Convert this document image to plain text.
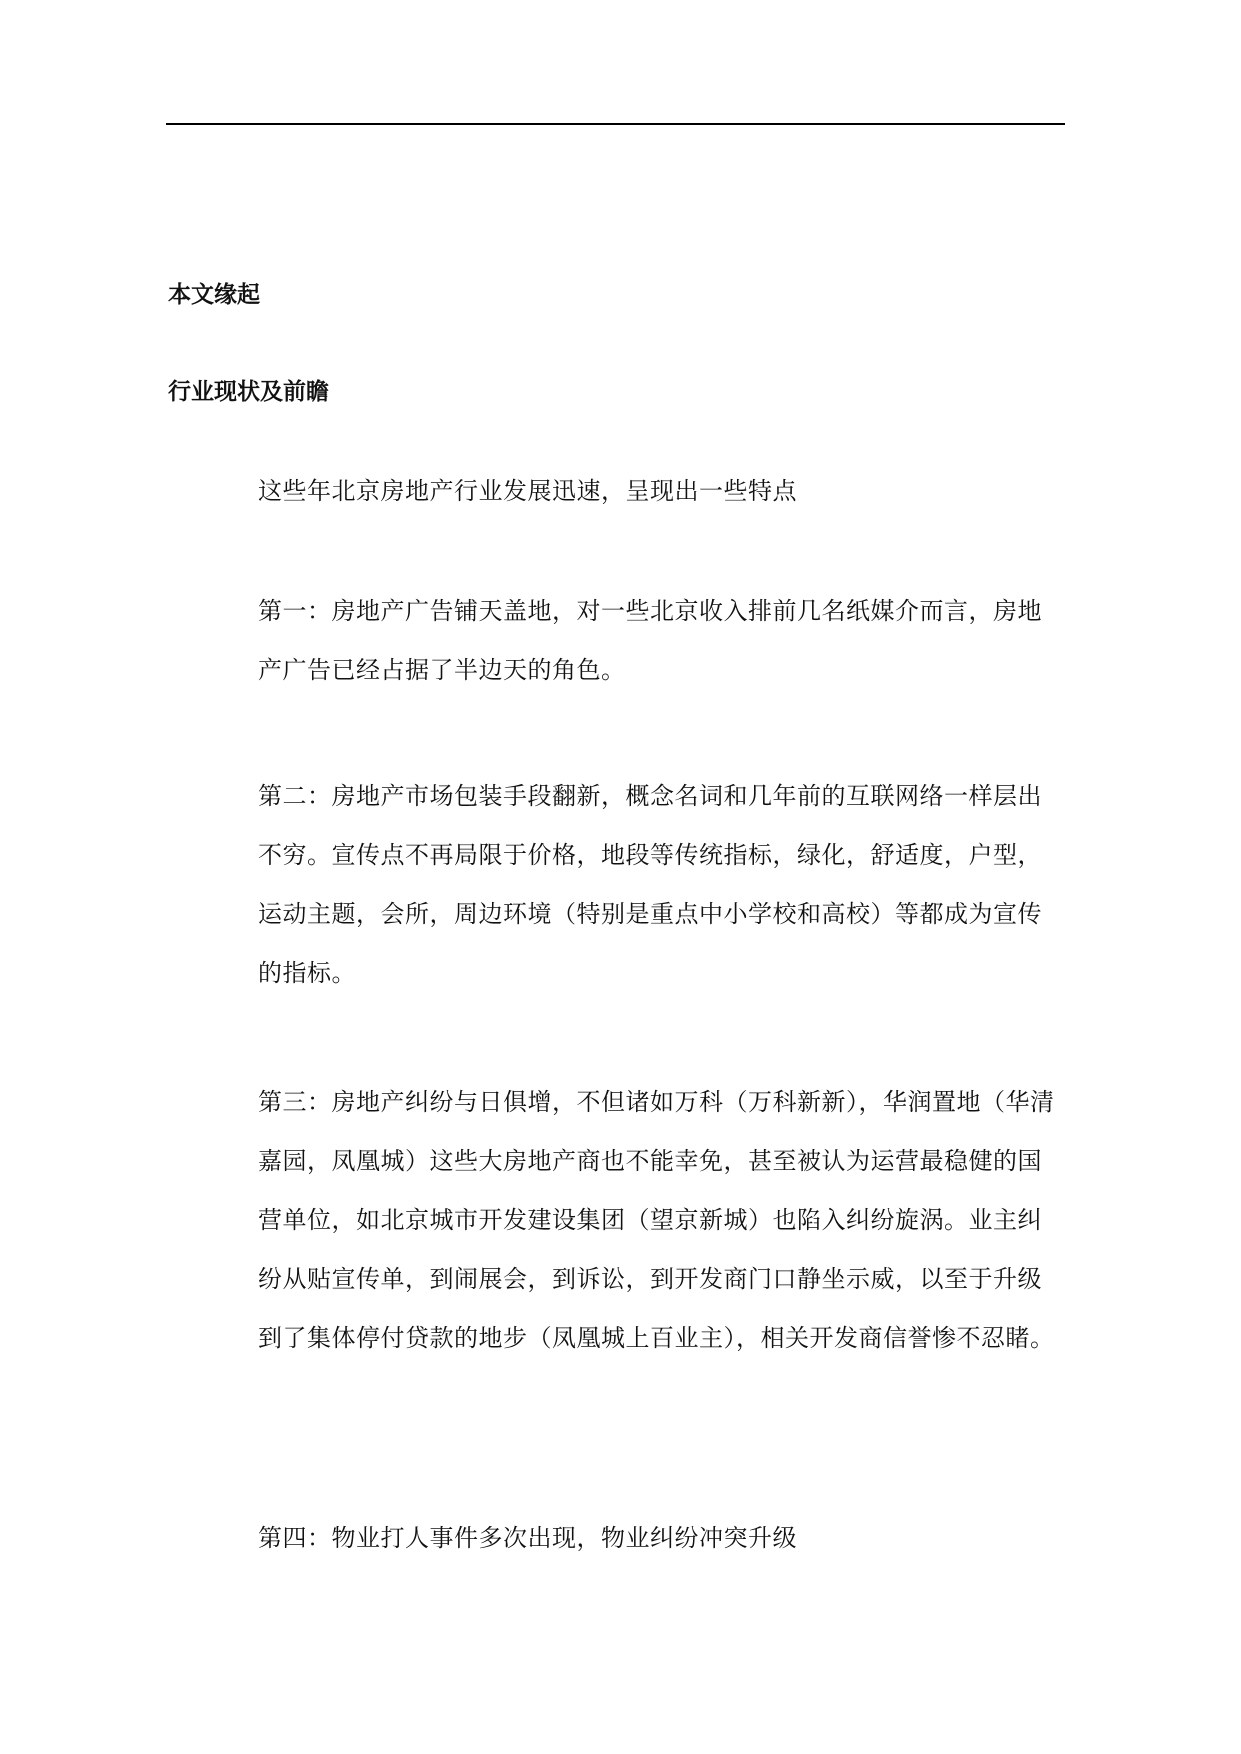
本文缘起
行业现状及前瞻

这些年北京房地产行业发展迅速，呈现出一些特点

第一：房地产广告铺天盖地，对一些北京收入排前几名纸媒介而言，房地产广告已经占据了半边天的角色。

第二：房地产市场包装手段翻新，概念名词和几年前的互联网络一样层出不穷。宣传点不再局限于价格，地段等传统指标，绿化，舒适度，户型，运动主题，会所，周边环境（特别是重点中小学校和高校）等都成为宣传的指标。

第三：房地产纠纷与日俱增，不但诸如万科（万科新新），华润置地（华清嘉园，凤凰城）这些大房地产商也不能幸免，甚至被认为运营最稳健的国营单位，如北京城市开发建设集团（望京新城）也陷入纠纷旋涡。业主纠纷从贴宣传单，到闹展会，到诉讼，到开发商门口静坐示威，以至于升级到了集体停付贷款的地步（凤凰城上百业主），相关开发商信誉惨不忍睹。

第四：物业打人事件多次出现，物业纠纷冲突升级
